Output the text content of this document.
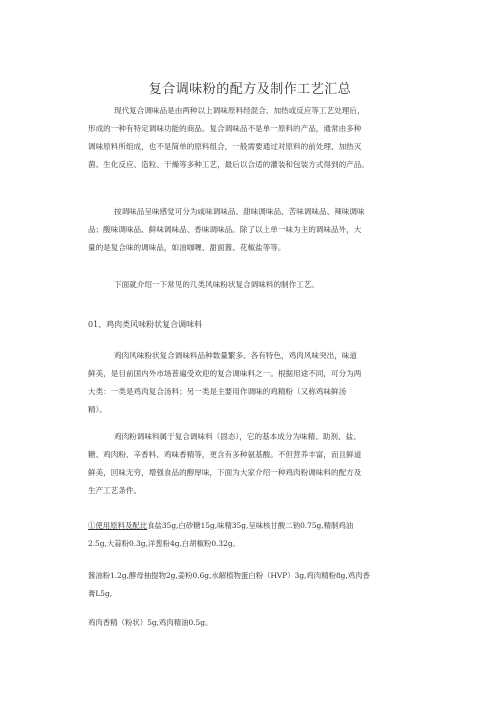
复合调味粉的配方及制作工艺汇总
现代复合调味品是由两种以上调味原料经混合、加热或反应等工艺处理后，
形成的一种有特定调味功能的商品。复合调味品不是单一原料的产品，通常由多种
调味原料所组成，也不是简单的原料组合，一般需要通过对原料的前处理、加热灭
菌、生化反应、造粒、干燥等多种工艺，最后以合适的灌装和包装方式得到的产品。
按调味品呈味感觉可分为咸味调味品、甜味调味品、苦味调味品、辣味调味
品；酸味调味品、鲜味调味品、香味调味品。除了以上单一味为主的调味品外，大
量的是复合味的调味品，如油咖喱、甜面酱、花椒盐等等。
下面就介绍一下常见的几类风味粉状复合调味料的制作工艺。
01、鸡肉类风味粉状复合调味料
鸡肉风味粉状复合调味料品种数量繁多、各有特色，鸡肉风味突出，味道
鲜美，是目前国内外市场普遍受欢迎的复合调味料之一。根据用途不同，可分为两
大类：一类是鸡肉复合汤料；另一类是主要用作调味的鸡精粉（又称鸡味鲜汤
精）。
鸡肉粉调味料属于复合调味料（固态），它的基本成分为味精、助剂、盐、
糖、鸡肉粉、辛香料、鸡味香精等，更含有多种氨基酸。不但营养丰富，而且鲜道
鲜美，回味无穷，增强食品的醇厚味，下面为大家介绍一种鸡肉粉调味料的配方及
生产工艺条件。
①使用原料及配比食盐35g,白砂糖15g,味精35g,呈味核甘酸二钠0.75g,精制鸡油
2.5g,大蒜粉0.3g,洋葱粉4g,白胡椒粉0.32g。
酱油粉1.2g,酵母抽提物2g,姜粉0.6g,水解植物蛋白粉（HVP）3g,鸡肉精粉8g,鸡肉香
膏L5g,
鸡肉香精（粉状）5g,鸡肉精油0.5g。
